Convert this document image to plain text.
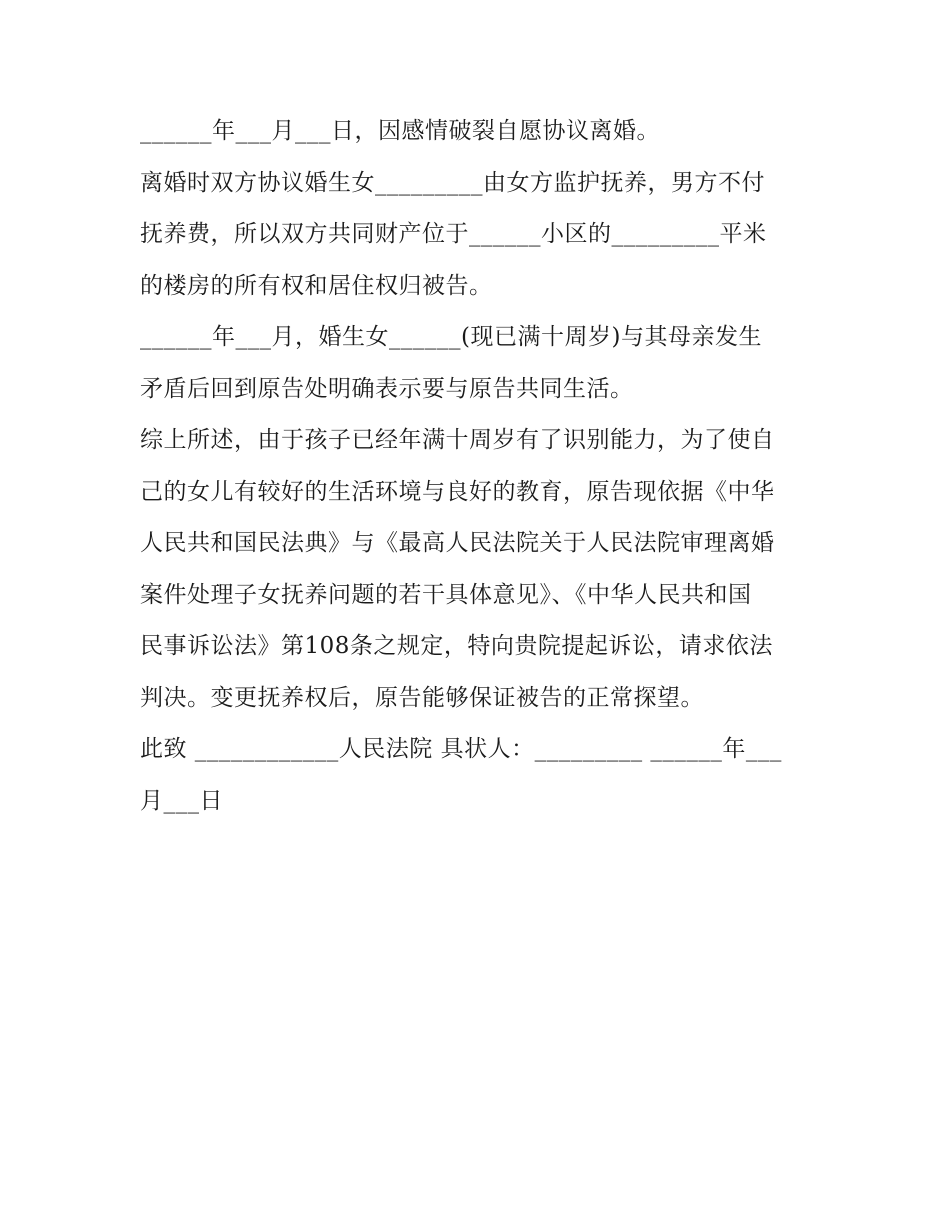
______年___月___日，因感情破裂自愿协议离婚。
离婚时双方协议婚生女_________由女方监护抚养，男方不付
抚养费，所以双方共同财产位于______小区的_________平米
的楼房的所有权和居住权归被告。
______年___月，婚生女______(现已满十周岁)与其母亲发生
矛盾后回到原告处明确表示要与原告共同生活。
综上所述，由于孩子已经年满十周岁有了识别能力，为了使自
己的女儿有较好的生活环境与良好的教育，原告现依据《中华
人民共和国民法典》与《最高人民法院关于人民法院审理离婚
案件处理子女抚养问题的若干具体意见》、《中华人民共和国
民事诉讼法》第108条之规定，特向贵院提起诉讼，请求依法
判决。变更抚养权后，原告能够保证被告的正常探望。
此致 ____________人民法院 具状人：_________ ______年___
月___日
